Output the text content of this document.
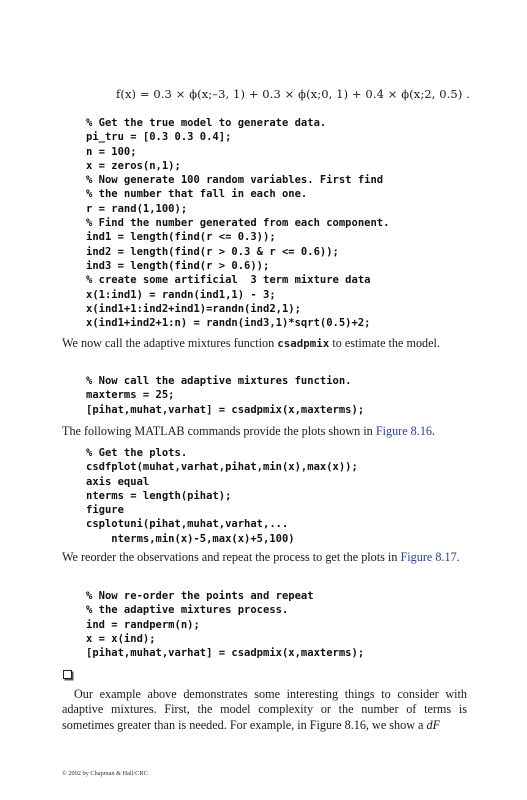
f(x) = 0.3 × ϕ(x;–3, 1) + 0.3 × ϕ(x;0, 1) + 0.4 × ϕ(x;2, 0.5) .
% Get the true model to generate data.
pi_tru = [0.3 0.3 0.4];
n = 100;
x = zeros(n,1);
% Now generate 100 random variables. First find
% the number that fall in each one.
r = rand(1,100);
% Find the number generated from each component.
ind1 = length(find(r <= 0.3));
ind2 = length(find(r > 0.3 & r <= 0.6));
ind3 = length(find(r > 0.6));
% create some artificial  3 term mixture data
x(1:ind1) = randn(ind1,1) - 3;
x(ind1+1:ind2+ind1)=randn(ind2,1);
x(ind1+ind2+1:n) = randn(ind3,1)*sqrt(0.5)+2;

We now call the adaptive mixtures function csadpmix to estimate the model.

% Now call the adaptive mixtures function.
maxterms = 25;
[pihat,muhat,varhat] = csadpmix(x,maxterms);

The following MATLAB commands provide the plots shown in Figure 8.16.

% Get the plots.
csdfplot(muhat,varhat,pihat,min(x),max(x));
axis equal
nterms = length(pihat);
figure
csplotuni(pihat,muhat,varhat,...
nterms,min(x)-5,max(x)+5,100)

We reorder the observations and repeat the process to get the plots in Figure 8.17.

% Now re-order the points and repeat
% the adaptive mixtures process.
ind = randperm(n);
x = x(ind);
[pihat,muhat,varhat] = csadpmix(x,maxterms);

Our example above demonstrates some interesting things to consider with adaptive mixtures. First, the model complexity or the number of terms is sometimes greater than is needed. For example, in Figure 8.16, we show a dF

© 2002 by Chapman & Hall/CRC
